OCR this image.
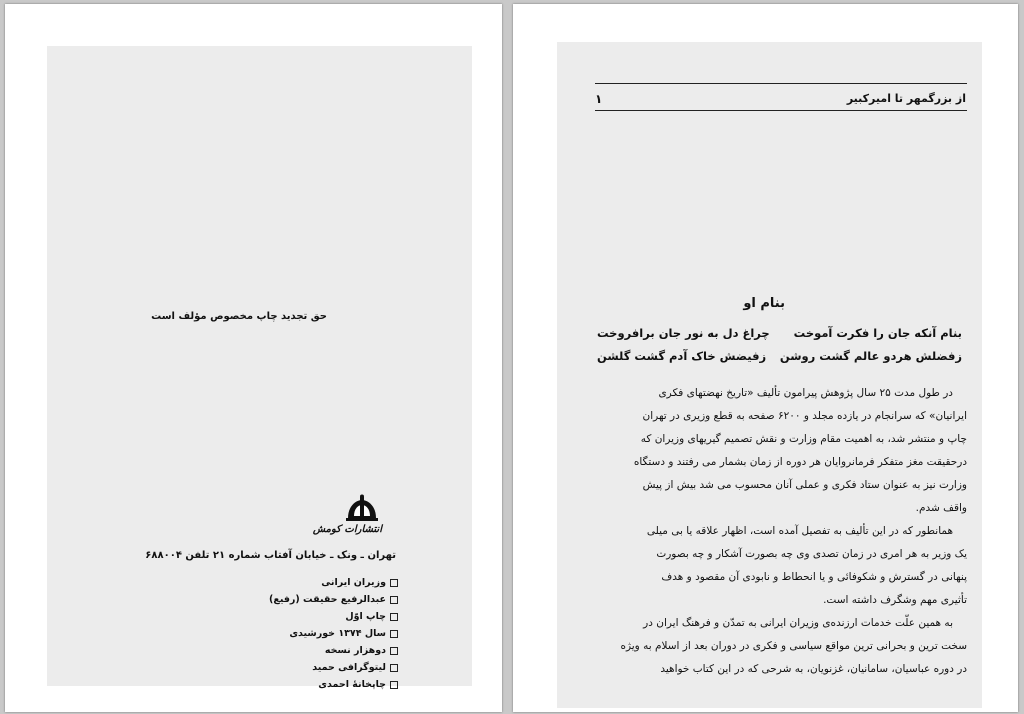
حق تجدید چاپ مخصوص مؤلف است
انتشارات کومش
تهران ـ ونک ـ خیابان آفتاب شماره ۲۱ تلفن ۶۸۸۰۰۴
وزیران ایرانی
عبدالرفیع حقیقت (رفیع)
چاپ اوّل
سال ۱۳۷۴ خورشیدی
دوهزار نسخه
لیتوگرافی حمید
چاپخانهٔ احمدی
از بزرگمهر تا امیرکبیر
۱
بنام او
بنام آنکه جان را فکرت آموخت
چراغ دل به نور جان برافروخت
زفضلش هردو عالم گشت روشن
زفیضش خاک آدم گشت گلشن
در طول مدت ۲۵ سال پژوهش پیرامون تألیف «تاریخ نهضتهای فکری
ایرانیان» که سرانجام در یازده مجلد و ۶۲۰۰ صفحه به قطع وزیری در تهران
چاپ و منتشر شد، به اهمیت مقام وزارت و نقش تصمیم گیریهای وزیران که
درحقیقت مغز متفکر فرمانروایان هر دوره از زمان بشمار می رفتند و دستگاه
وزارت نیز به عنوان ستاد فکری و عملی آنان محسوب می شد بیش از پیش
واقف شدم.
همانطور که در این تألیف به تفصیل آمده است، اظهار علاقه یا بی میلی
یک وزیر به هر امری در زمان تصدی وی چه بصورت آشکار و چه بصورت
پنهانی در گسترش و شکوفائی و یا انحطاط و نابودی آن مقصود و هدف
تأثیری مهم وشگرف داشته است.
به همین علّت خدمات ارزنده‌ی وزیران ایرانی به تمدّن و فرهنگ ایران در
سخت ترین و بحرانی ترین مواقع سیاسی و فکری در دوران بعد از اسلام به ویژه
در دوره عباسیان، سامانیان، غزنویان، به شرحی که در این کتاب خواهید
